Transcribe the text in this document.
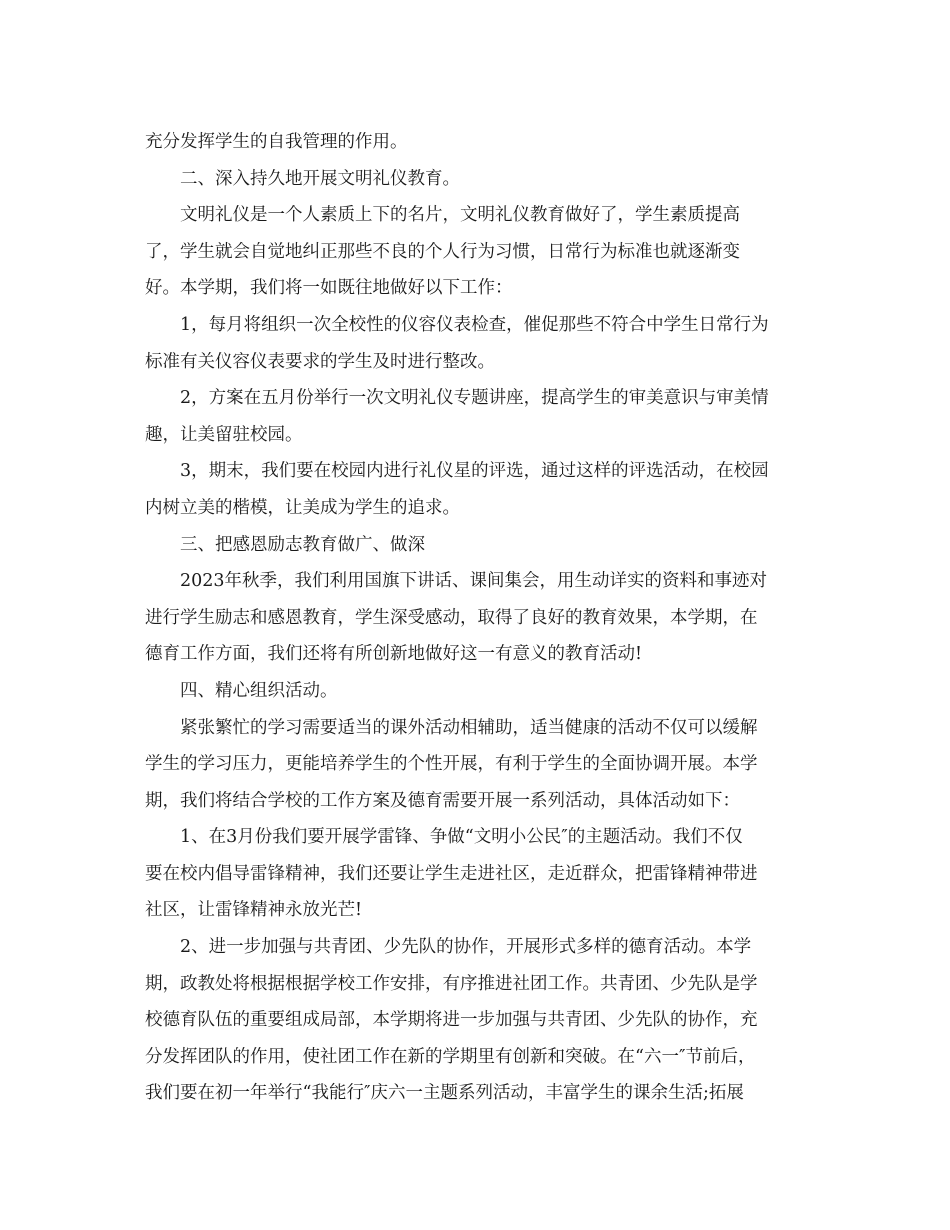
充分发挥学生的自我管理的作用。

　　二、深入持久地开展文明礼仪教育。

　　文明礼仪是一个人素质上下的名片，文明礼仪教育做好了，学生素质提高

了，学生就会自觉地纠正那些不良的个人行为习惯，日常行为标准也就逐渐变

好。本学期，我们将一如既往地做好以下工作：

　　1，每月将组织一次全校性的仪容仪表检查，催促那些不符合中学生日常行为

标准有关仪容仪表要求的学生及时进行整改。

　　2，方案在五月份举行一次文明礼仪专题讲座，提高学生的审美意识与审美情

趣，让美留驻校园。

　　3，期末，我们要在校园内进行礼仪星的评选，通过这样的评选活动，在校园

内树立美的楷模，让美成为学生的追求。

　　三、把感恩励志教育做广、做深

　　2023年秋季，我们利用国旗下讲话、课间集会，用生动详实的资料和事迹对

进行学生励志和感恩教育，学生深受感动，取得了良好的教育效果，本学期，在

德育工作方面，我们还将有所创新地做好这一有意义的教育活动!

　　四、精心组织活动。

　　紧张繁忙的学习需要适当的课外活动相辅助，适当健康的活动不仅可以缓解

学生的学习压力，更能培养学生的个性开展，有利于学生的全面协调开展。本学

期，我们将结合学校的工作方案及德育需要开展一系列活动，具体活动如下：

　　1、在3月份我们要开展学雷锋、争做“文明小公民″的主题活动。我们不仅

要在校内倡导雷锋精神，我们还要让学生走进社区，走近群众，把雷锋精神带进

社区，让雷锋精神永放光芒!

　　2、进一步加强与共青团、少先队的协作，开展形式多样的德育活动。本学

期，政教处将根据根据学校工作安排，有序推进社团工作。共青团、少先队是学

校德育队伍的重要组成局部，本学期将进一步加强与共青团、少先队的协作，充

分发挥团队的作用，使社团工作在新的学期里有创新和突破。在“六一″节前后，

我们要在初一年举行“我能行″庆六一主题系列活动，丰富学生的课余生活;拓展
